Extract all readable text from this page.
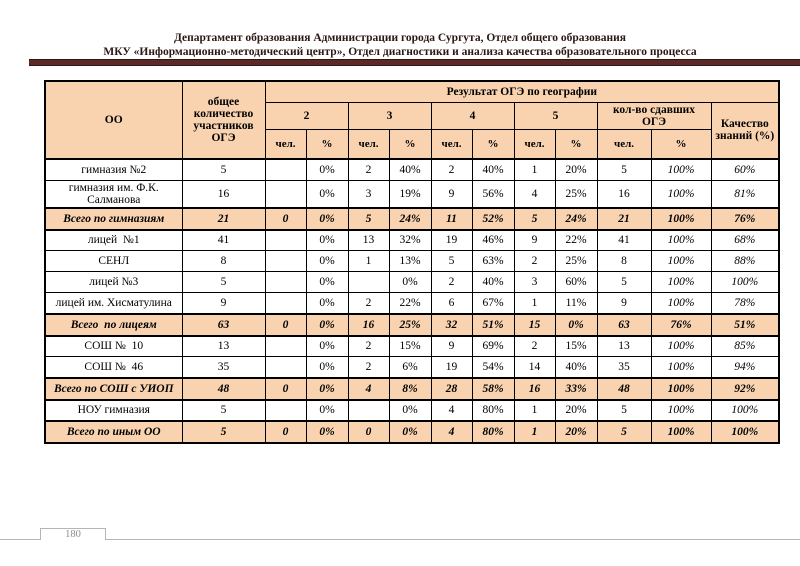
Департамент образования Администрации города Сургута, Отдел общего образования
МКУ «Информационно-методический центр», Отдел диагностики и анализа качества образовательного процесса
ОО	общее количество участников ОГЭ	Результат ОГЭ по географии										
		2		3		4		5		кол-во сдавших ОГЭ		Качество знаний (%)
		чел.	%	чел.	%	чел.	%	чел.	%	чел.	%	
гимназия №2	5		0%	2	40%	2	40%	1	20%	5	100%	60%
гимназия им. Ф.К. Салманова	16		0%	3	19%	9	56%	4	25%	16	100%	81%
Всего по гимназиям	21	0	0%	5	24%	11	52%	5	24%	21	100%	76%
лицей  №1	41		0%	13	32%	19	46%	9	22%	41	100%	68%
СЕНЛ	8		0%	1	13%	5	63%	2	25%	8	100%	88%
лицей №3	5		0%		0%	2	40%	3	60%	5	100%	100%
лицей им. Хисматулина	9		0%	2	22%	6	67%	1	11%	9	100%	78%
Всего  по лицеям	63	0	0%	16	25%	32	51%	15	0%	63	76%	51%
СОШ №  10	13		0%	2	15%	9	69%	2	15%	13	100%	85%
СОШ №  46	35		0%	2	6%	19	54%	14	40%	35	100%	94%
Всего по СОШ с УИОП	48	0	0%	4	8%	28	58%	16	33%	48	100%	92%
НОУ гимназия	5		0%		0%	4	80%	1	20%	5	100%	100%
Всего по иным ОО	5	0	0%	0	0%	4	80%	1	20%	5	100%	100%
180
